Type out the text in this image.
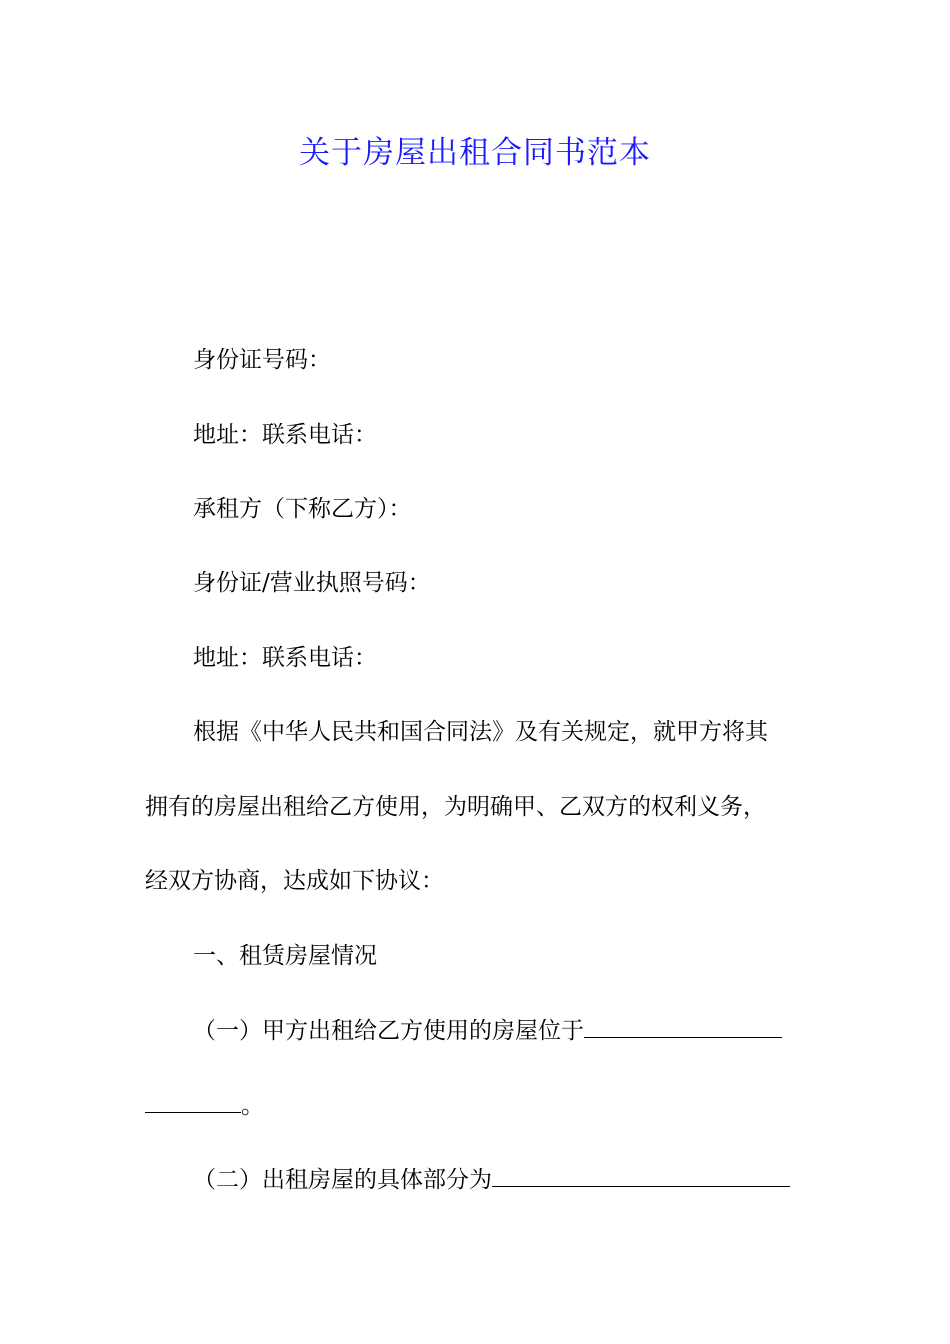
关于房屋出租合同书范本
身份证号码：
地址：联系电话：
承租方（下称乙方）：
身份证/营业执照号码：
地址：联系电话：
根据《中华人民共和国合同法》及有关规定，就甲方将其
拥有的房屋出租给乙方使用，为明确甲、乙双方的权利义务，
经双方协商，达成如下协议：
一、租赁房屋情况
（一）甲方出租给乙方使用的房屋位于
。
（二）出租房屋的具体部分为
